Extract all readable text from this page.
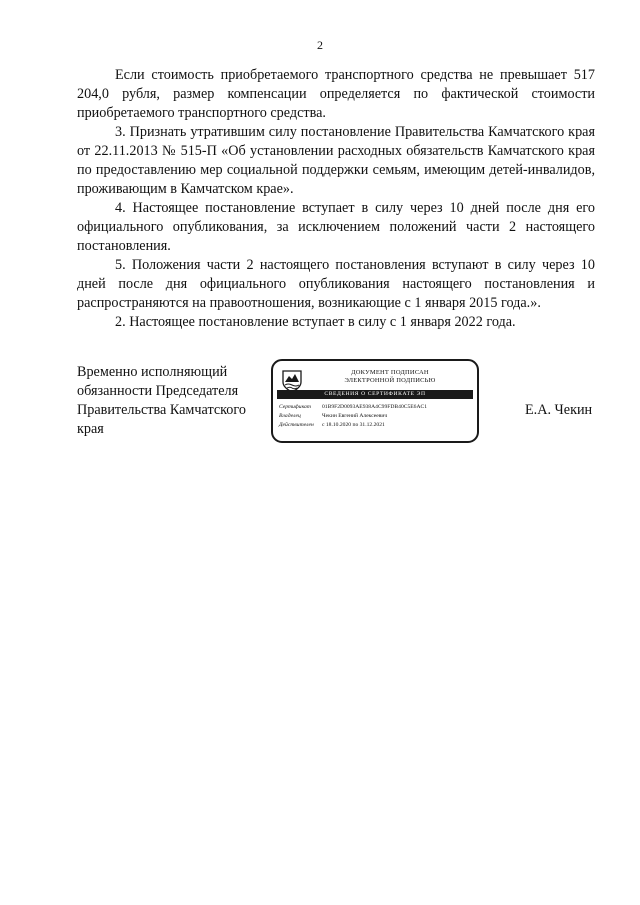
2

Если стоимость приобретаемого транспортного средства не превышает 517 204,0 рубля, размер компенсации определяется по фактической стоимости приобретаемого транспортного средства.

3. Признать утратившим силу постановление Правительства Камчатского края от 22.11.2013 № 515-П «Об установлении расходных обязательств Камчатского края по предоставлению мер социальной поддержки семьям, имеющим детей-инвалидов, проживающим в Камчатском крае».

4. Настоящее постановление вступает в силу через 10 дней после дня его официального опубликования, за исключением положений части 2 настоящего постановления.

5. Положения части 2 настоящего постановления вступают в силу через 10 дней после дня официального опубликования настоящего постановления и распространяются на правоотношения, возникающие с 1 января 2015 года.».

2. Настоящее постановление вступает в силу с 1 января 2022 года.

Временно исполняющий
обязанности Председателя
Правительства Камчатского
края
ДОКУМЕНТ ПОДПИСАН
ЭЛЕКТРОННОЙ ПОДПИСЬЮ
СВЕДЕНИЯ О СЕРТИФИКАТЕ ЭП
Сертификат	01B9F2D0093AE938A4C99FDB40C5E6AC1
Владелец	Чекин Евгений Алексеевич
Действителен	с 18.10.2020 по 31.12.2021
Е.А. Чекин
